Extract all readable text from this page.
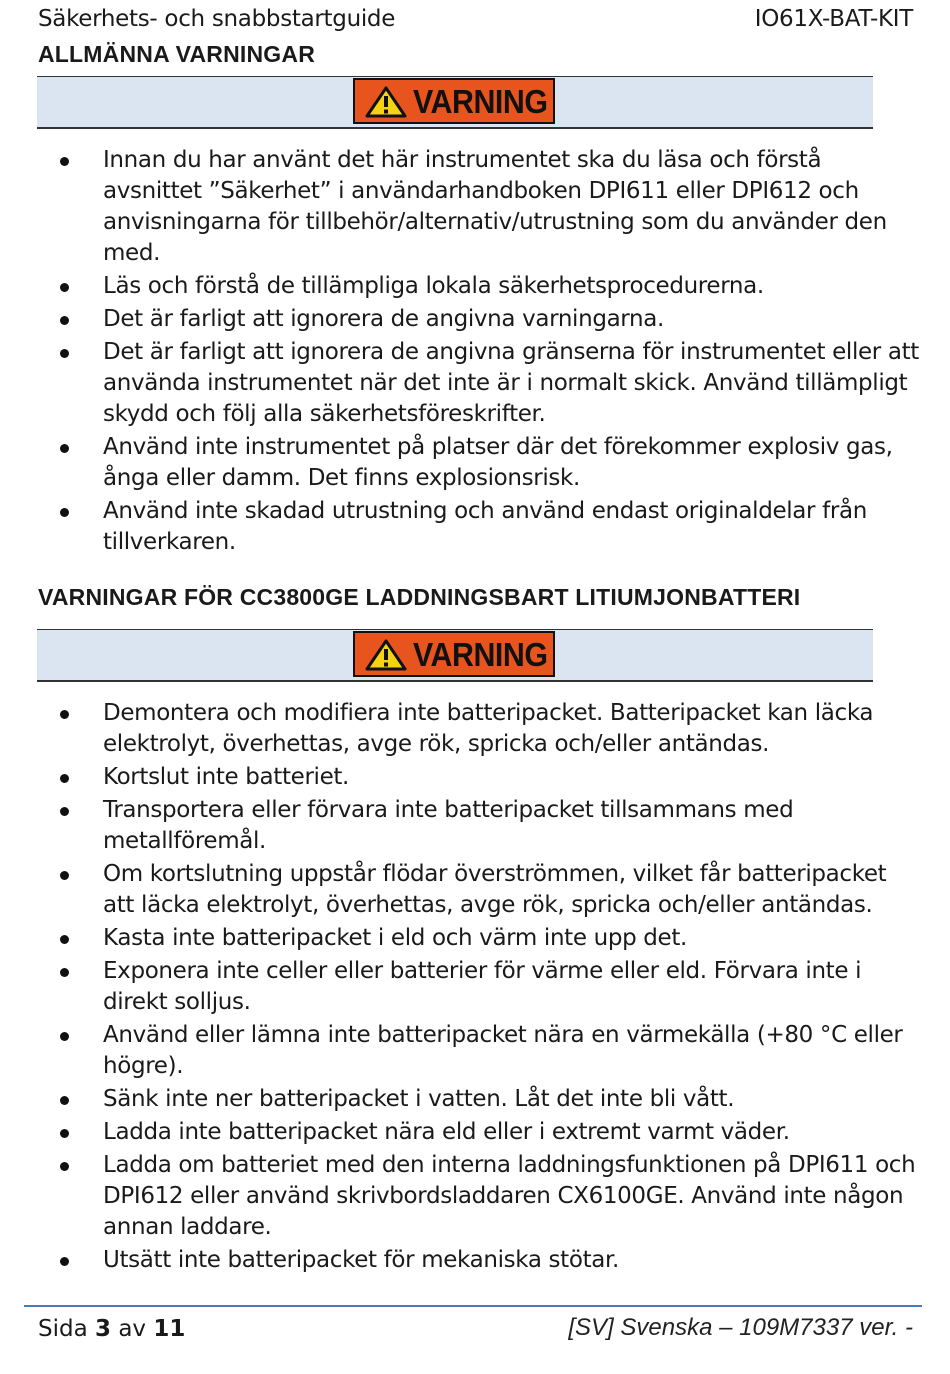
Säkerhets- och snabbstartguide	IO61X-BAT-KIT
ALLMÄNNA VARNINGAR
VARNING
Innan du har använt det här instrumentet ska du läsa och förstå avsnittet ”Säkerhet” i användarhandboken DPI611 eller DPI612 och anvisningarna för tillbehör/alternativ/utrustning som du använder den med.
Läs och förstå de tillämpliga lokala säkerhetsprocedurerna.
Det är farligt att ignorera de angivna varningarna.
Det är farligt att ignorera de angivna gränserna för instrumentet eller att använda instrumentet när det inte är i normalt skick. Använd tillämpligt skydd och följ alla säkerhetsföreskrifter.
Använd inte instrumentet på platser där det förekommer explosiv gas, ånga eller damm. Det finns explosionsrisk.
Använd inte skadad utrustning och använd endast originaldelar från tillverkaren.
VARNINGAR FÖR CC3800GE LADDNINGSBART LITIUMJONBATTERI
VARNING
Demontera och modifiera inte batteripacket. Batteripacket kan läcka elektrolyt, överhettas, avge rök, spricka och/eller antändas.
Kortslut inte batteriet.
Transportera eller förvara inte batteripacket tillsammans med metallföremål.
Om kortslutning uppstår flödar överströmmen, vilket får batteripacket att läcka elektrolyt, överhettas, avge rök, spricka och/eller antändas.
Kasta inte batteripacket i eld och värm inte upp det.
Exponera inte celler eller batterier för värme eller eld. Förvara inte i direkt solljus.
Använd eller lämna inte batteripacket nära en värmekälla (+80 °C eller högre).
Sänk inte ner batteripacket i vatten. Låt det inte bli vått.
Ladda inte batteripacket nära eld eller i extremt varmt väder.
Ladda om batteriet med den interna laddningsfunktionen på DPI611 och DPI612 eller använd skrivbordsladdaren CX6100GE. Använd inte någon annan laddare.
Utsätt inte batteripacket för mekaniska stötar.
Sida 3 av 11	[SV] Svenska – 109M7337 ver. -
